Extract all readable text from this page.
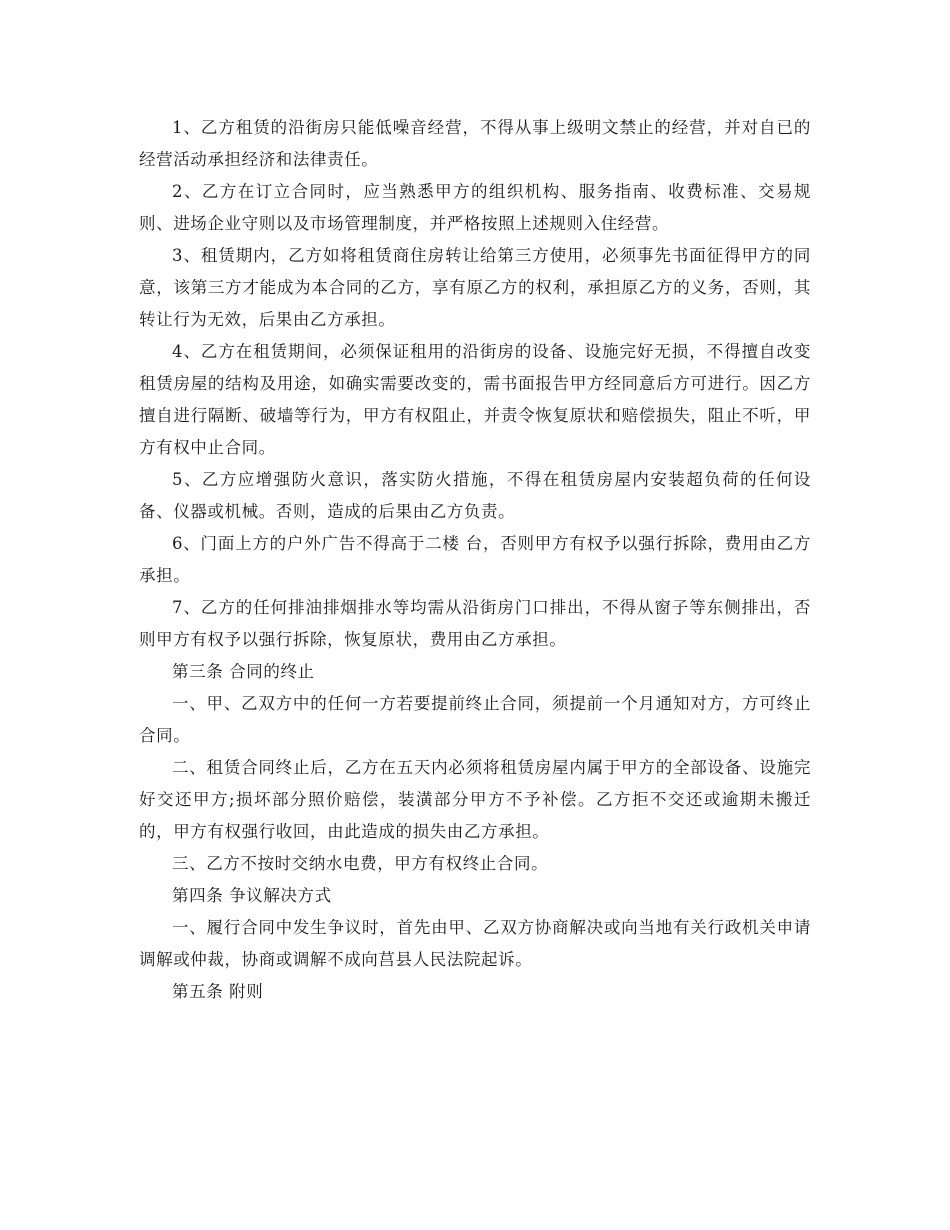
1、乙方租赁的沿街房只能低噪音经营，不得从事上级明文禁止的经营，并对自已的经营活动承担经济和法律责任。

2、乙方在订立合同时，应当熟悉甲方的组织机构、服务指南、收费标准、交易规则、进场企业守则以及市场管理制度，并严格按照上述规则入住经营。

3、租赁期内，乙方如将租赁商住房转让给第三方使用，必须事先书面征得甲方的同意，该第三方才能成为本合同的乙方，享有原乙方的权利，承担原乙方的义务，否则，其转让行为无效，后果由乙方承担。

4、乙方在租赁期间，必须保证租用的沿街房的设备、设施完好无损，不得擅自改变租赁房屋的结构及用途，如确实需要改变的，需书面报告甲方经同意后方可进行。因乙方擅自进行隔断、破墙等行为，甲方有权阻止，并责令恢复原状和赔偿损失，阻止不听，甲方有权中止合同。

5、乙方应增强防火意识，落实防火措施，不得在租赁房屋内安装超负荷的任何设备、仪器或机械。否则，造成的后果由乙方负责。

6、门面上方的户外广告不得高于二楼 台，否则甲方有权予以强行拆除，费用由乙方承担。

7、乙方的任何排油排烟排水等均需从沿街房门口排出，不得从窗子等东侧排出，否则甲方有权予以强行拆除，恢复原状，费用由乙方承担。

第三条 合同的终止

一、甲、乙双方中的任何一方若要提前终止合同，须提前一个月通知对方，方可终止合同。

二、租赁合同终止后，乙方在五天内必须将租赁房屋内属于甲方的全部设备、设施完好交还甲方;损坏部分照价赔偿，装潢部分甲方不予补偿。乙方拒不交还或逾期未搬迁的，甲方有权强行收回，由此造成的损失由乙方承担。

三、乙方不按时交纳水电费，甲方有权终止合同。

第四条 争议解决方式

一、履行合同中发生争议时，首先由甲、乙双方协商解决或向当地有关行政机关申请调解或仲裁，协商或调解不成向莒县人民法院起诉。

第五条 附则
